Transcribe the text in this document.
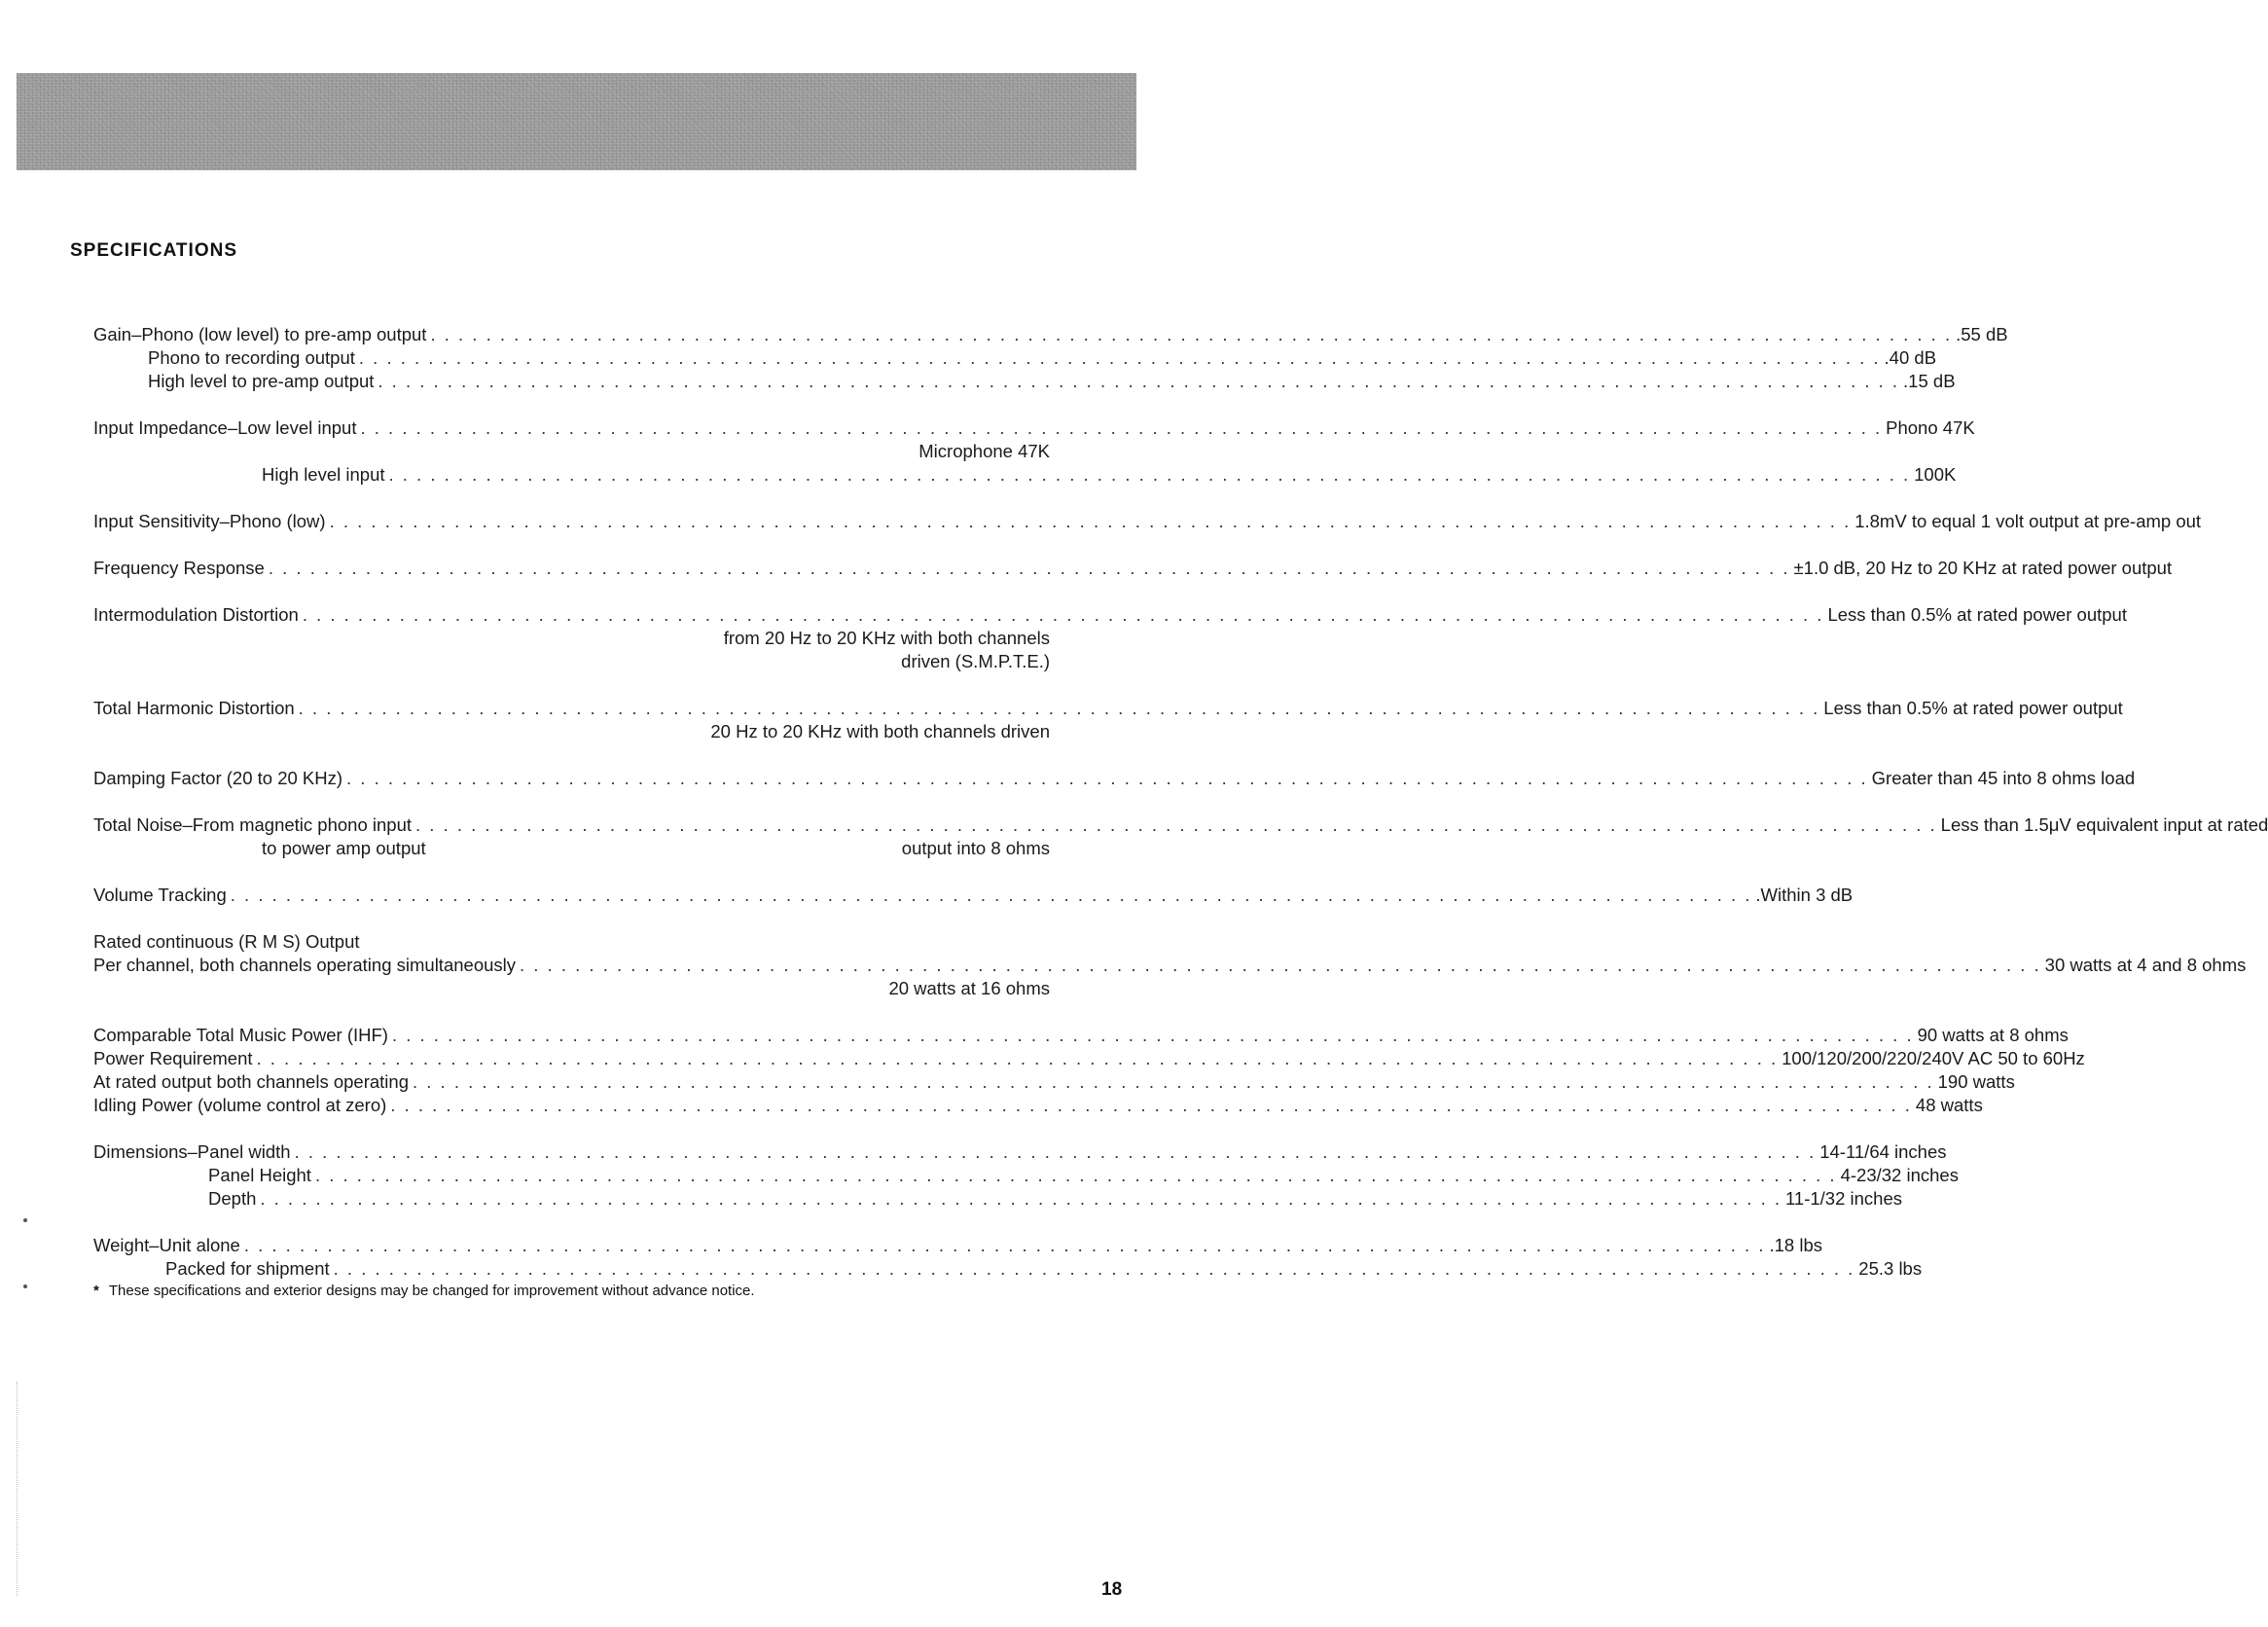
SPECIFICATIONS
Gain–Phono (low level) to pre-amp output . . . . . . . . . . . . . . . . . . . . . . . . . . . . . . . . . . . . . . . . . . . . . . . . . . . . . . . . . . . . . . . . . . . . . . . . . . . . . . . . . . . . . . . . . . . . . . . . . . . . . . . . . . . . . . .55 dB
Phono to recording output . . . . . . . . . . . . . . . . . . . . . . . . . . . . . . . . . . . . . . . . . . . . . . . . . . . . . . . . . . . . . . . . . . . . . . . . . . . . . . . . . . . . . . . . . . . . . . . . . . . . . . . . . . . . . . .40 dB
High level to pre-amp output . . . . . . . . . . . . . . . . . . . . . . . . . . . . . . . . . . . . . . . . . . . . . . . . . . . . . . . . . . . . . . . . . . . . . . . . . . . . . . . . . . . . . . . . . . . . . . . . . . . . . . . . . . . . . . .15 dB
Input Impedance–Low level input . . . . . . . . . . . . . . . . . . . . . . . . . . . . . . . . . . . . . . . . . . . . . . . . . . . . . . . . . . . . . . . . . . . . . . . . . . . . . . . . . . . . . . . . . . . . . . . . . . . . . . . . . . . . . . Phono 47K
Microphone 47K
High level input . . . . . . . . . . . . . . . . . . . . . . . . . . . . . . . . . . . . . . . . . . . . . . . . . . . . . . . . . . . . . . . . . . . . . . . . . . . . . . . . . . . . . . . . . . . . . . . . . . . . . . . . . . . . . . 100K
Input Sensitivity–Phono (low) . . . . . . . . . . . . . . . . . . . . . . . . . . . . . . . . . . . . . . . . . . . . . . . . . . . . . . . . . . . . . . . . . . . . . . . . . . . . . . . . . . . . . . . . . . . . . . . . . . . . . . . . . . . . . . 1.8mV to equal 1 volt output at pre-amp out
Frequency Response . . . . . . . . . . . . . . . . . . . . . . . . . . . . . . . . . . . . . . . . . . . . . . . . . . . . . . . . . . . . . . . . . . . . . . . . . . . . . . . . . . . . . . . . . . . . . . . . . . . . . . . . . . . . . . ±1.0 dB, 20 Hz to 20 KHz at rated power output
Intermodulation Distortion . . . . . . . . . . . . . . . . . . . . . . . . . . . . . . . . . . . . . . . . . . . . . . . . . . . . . . . . . . . . . . . . . . . . . . . . . . . . . . . . . . . . . . . . . . . . . . . . . . . . . . . . . . . . . . Less than 0.5% at rated power output
from 20 Hz to 20 KHz with both channels
driven (S.M.P.T.E.)
Total Harmonic Distortion . . . . . . . . . . . . . . . . . . . . . . . . . . . . . . . . . . . . . . . . . . . . . . . . . . . . . . . . . . . . . . . . . . . . . . . . . . . . . . . . . . . . . . . . . . . . . . . . . . . . . . . . . . . . . . Less than 0.5% at rated power output
20 Hz to 20 KHz with both channels driven
Damping Factor (20 to 20 KHz) . . . . . . . . . . . . . . . . . . . . . . . . . . . . . . . . . . . . . . . . . . . . . . . . . . . . . . . . . . . . . . . . . . . . . . . . . . . . . . . . . . . . . . . . . . . . . . . . . . . . . . . . . . . . . . Greater than 45 into 8 ohms load
Total Noise–From magnetic phono input . . . . . . . . . . . . . . . . . . . . . . . . . . . . . . . . . . . . . . . . . . . . . . . . . . . . . . . . . . . . . . . . . . . . . . . . . . . . . . . . . . . . . . . . . . . . . . . . . . . . . . . . . . . . . . Less than 1.5μV equivalent input at rated
to power amp output	output into 8 ohms
Volume Tracking . . . . . . . . . . . . . . . . . . . . . . . . . . . . . . . . . . . . . . . . . . . . . . . . . . . . . . . . . . . . . . . . . . . . . . . . . . . . . . . . . . . . . . . . . . . . . . . . . . . . . . . . . . . . . . .Within 3 dB
Rated continuous (R M S) Output
Per channel, both channels operating simultaneously . . . . . . . . . . . . . . . . . . . . . . . . . . . . . . . . . . . . . . . . . . . . . . . . . . . . . . . . . . . . . . . . . . . . . . . . . . . . . . . . . . . . . . . . . . . . . . . . . . . . . . . . . . . . . . 30 watts at 4 and 8 ohms
20 watts at 16 ohms
Comparable Total Music Power (IHF) . . . . . . . . . . . . . . . . . . . . . . . . . . . . . . . . . . . . . . . . . . . . . . . . . . . . . . . . . . . . . . . . . . . . . . . . . . . . . . . . . . . . . . . . . . . . . . . . . . . . . . . . . . . . . . 90 watts at 8 ohms
Power Requirement . . . . . . . . . . . . . . . . . . . . . . . . . . . . . . . . . . . . . . . . . . . . . . . . . . . . . . . . . . . . . . . . . . . . . . . . . . . . . . . . . . . . . . . . . . . . . . . . . . . . . . . . . . . . . . 100/120/200/220/240V AC 50 to 60Hz
At rated output both channels operating . . . . . . . . . . . . . . . . . . . . . . . . . . . . . . . . . . . . . . . . . . . . . . . . . . . . . . . . . . . . . . . . . . . . . . . . . . . . . . . . . . . . . . . . . . . . . . . . . . . . . . . . . . . . . . 190 watts
Idling Power (volume control at zero) . . . . . . . . . . . . . . . . . . . . . . . . . . . . . . . . . . . . . . . . . . . . . . . . . . . . . . . . . . . . . . . . . . . . . . . . . . . . . . . . . . . . . . . . . . . . . . . . . . . . . . . . . . . . . . 48 watts
Dimensions–Panel width . . . . . . . . . . . . . . . . . . . . . . . . . . . . . . . . . . . . . . . . . . . . . . . . . . . . . . . . . . . . . . . . . . . . . . . . . . . . . . . . . . . . . . . . . . . . . . . . . . . . . . . . . . . . . . 14-11/64 inches
Panel Height . . . . . . . . . . . . . . . . . . . . . . . . . . . . . . . . . . . . . . . . . . . . . . . . . . . . . . . . . . . . . . . . . . . . . . . . . . . . . . . . . . . . . . . . . . . . . . . . . . . . . . . . . . . . . . 4-23/32 inches
Depth . . . . . . . . . . . . . . . . . . . . . . . . . . . . . . . . . . . . . . . . . . . . . . . . . . . . . . . . . . . . . . . . . . . . . . . . . . . . . . . . . . . . . . . . . . . . . . . . . . . . . . . . . . . . . . 11-1/32 inches
Weight–Unit alone . . . . . . . . . . . . . . . . . . . . . . . . . . . . . . . . . . . . . . . . . . . . . . . . . . . . . . . . . . . . . . . . . . . . . . . . . . . . . . . . . . . . . . . . . . . . . . . . . . . . . . . . . . . . . . .18 lbs
Packed for shipment . . . . . . . . . . . . . . . . . . . . . . . . . . . . . . . . . . . . . . . . . . . . . . . . . . . . . . . . . . . . . . . . . . . . . . . . . . . . . . . . . . . . . . . . . . . . . . . . . . . . . . . . . . . . . . 25.3 lbs
* These specifications and exterior designs may be changed for improvement without advance notice.
18
